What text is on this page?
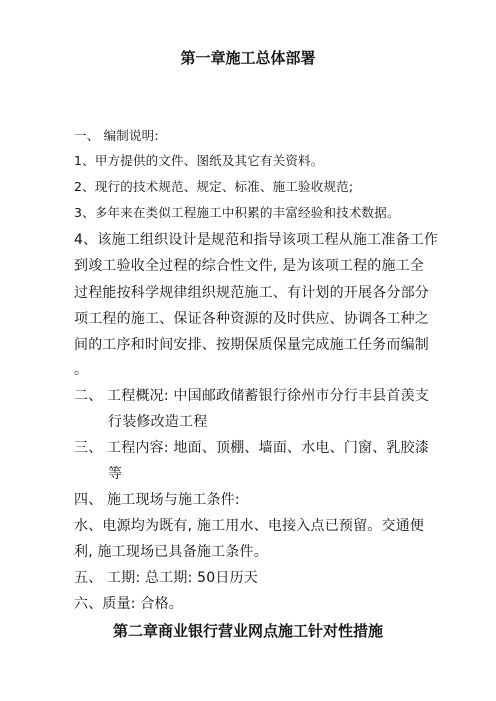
第一章施工总体部署
一、 编制说明:
1、甲方提供的文件、图纸及其它有关资料。
2、现行的技术规范、规定、标准、施工验收规范;
3、多年来在类似工程施工中积累的丰富经验和技术数据。
4、该施工组织设计是规范和指导该项工程从施工准备工作
到竣工验收全过程的综合性文件, 是为该项工程的施工全
过程能按科学规律组织规范施工、有计划的开展各分部分
项工程的施工、保证各种资源的及时供应、协调各工种之
间的工序和时间安排、按期保质保量完成施工任务而编制
。
二、 工程概况: 中国邮政储蓄银行徐州市分行丰县首羡支
行装修改造工程
三、 工程内容: 地面、顶棚、墙面、水电、门窗、乳胶漆
等
四、 施工现场与施工条件:
水、电源均为既有, 施工用水、电接入点已预留。交通便
利, 施工现场已具备施工条件。
五、 工期: 总工期: 50日历天
六、质量: 合格。
第二章商业银行营业网点施工针对性措施
